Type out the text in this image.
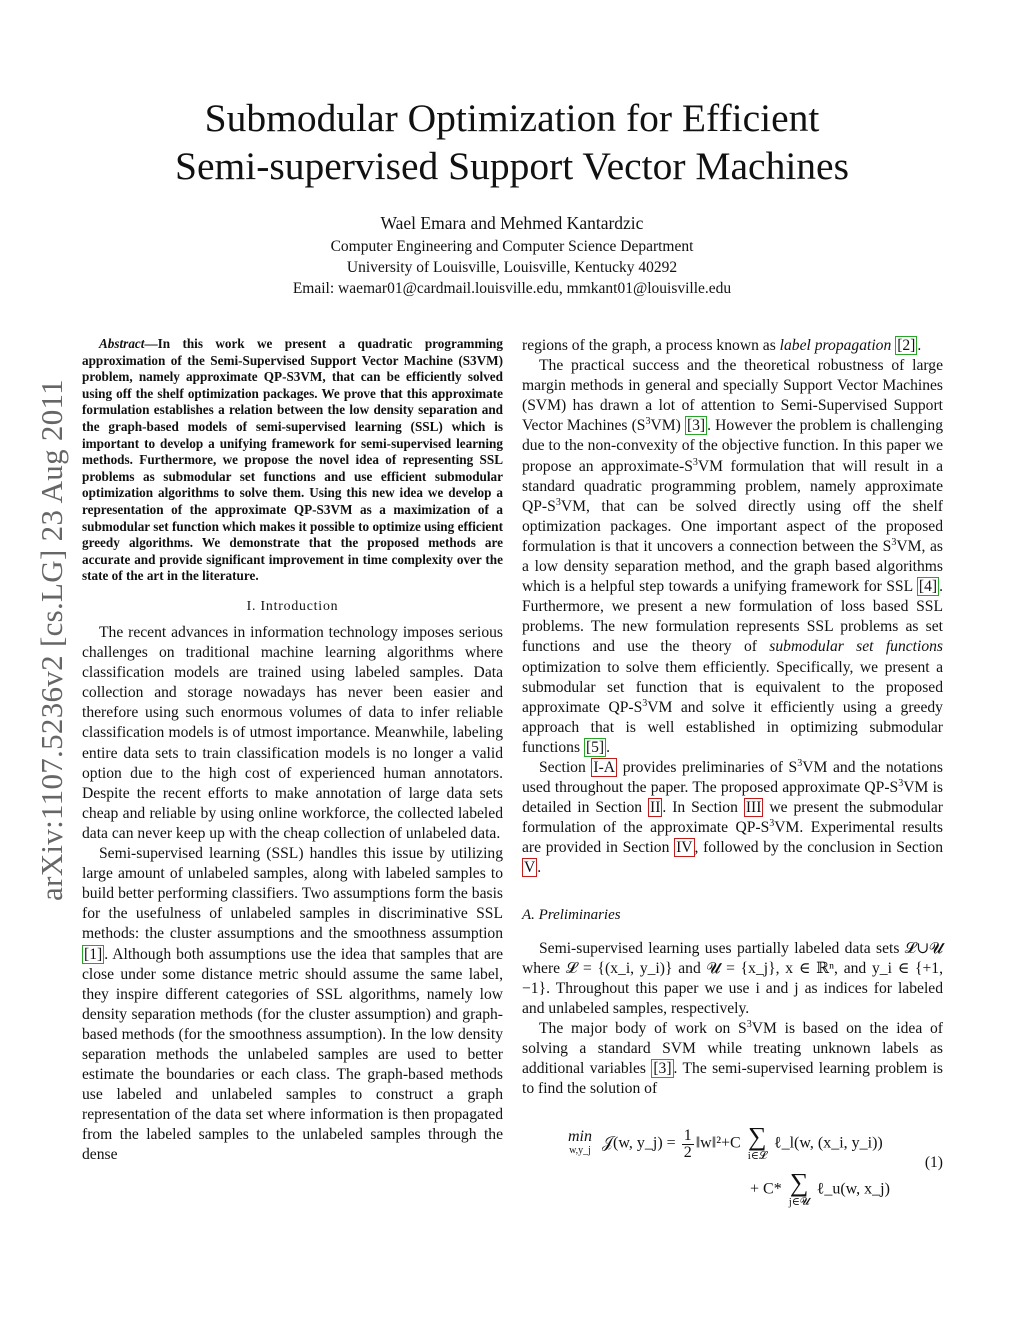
arXiv:1107.5236v2 [cs.LG] 23 Aug 2011
Submodular Optimization for Efficient
Semi-supervised Support Vector Machines
Wael Emara and Mehmed Kantardzic
Computer Engineering and Computer Science Department
University of Louisville, Louisville, Kentucky 40292
Email: waemar01@cardmail.louisville.edu, mmkant01@louisville.edu

Abstract—In this work we present a quadratic programming approximation of the Semi-Supervised Support Vector Machine (S3VM) problem, namely approximate QP-S3VM, that can be efficiently solved using off the shelf optimization packages. We prove that this approximate formulation establishes a relation between the low density separation and the graph-based models of semi-supervised learning (SSL) which is important to develop a unifying framework for semi-supervised learning methods. Furthermore, we propose the novel idea of representing SSL problems as submodular set functions and use efficient submodular optimization algorithms to solve them. Using this new idea we develop a representation of the approximate QP-S3VM as a maximization of a submodular set function which makes it possible to optimize using efficient greedy algorithms. We demonstrate that the proposed methods are accurate and provide significant improvement in time complexity over the state of the art in the literature.

I. Introduction

The recent advances in information technology imposes serious challenges on traditional machine learning algorithms where classification models are trained using labeled samples. Data collection and storage nowadays has never been easier and therefore using such enormous volumes of data to infer reliable classification models is of utmost importance. Meanwhile, labeling entire data sets to train classification models is no longer a valid option due to the high cost of experienced human annotators. Despite the recent efforts to make annotation of large data sets cheap and reliable by using online workforce, the collected labeled data can never keep up with the cheap collection of unlabeled data.

Semi-supervised learning (SSL) handles this issue by utilizing large amount of unlabeled samples, along with labeled samples to build better performing classifiers. Two assumptions form the basis for the usefulness of unlabeled samples in discriminative SSL methods: the cluster assumptions and the smoothness assumption [1] . Although both assumptions use the idea that samples that are close under some distance metric should assume the same label, they inspire different categories of SSL algorithms, namely low density separation methods (for the cluster assumption) and graph-based methods (for the smoothness assumption). In the low density separation methods the unlabeled samples are used to better estimate the boundaries or each class. The graph-based methods use labeled and unlabeled samples to construct a graph representation of the data set where information is then propagated from the labeled samples to the unlabeled samples through the dense

regions of the graph, a process known as label propagation [2] .

The practical success and the theoretical robustness of large margin methods in general and specially Support Vector Machines (SVM) has drawn a lot of attention to Semi-Supervised Support Vector Machines $(S^3VM)$ [3] . However the problem is challenging due to the non-convexity of the objective function. In this paper we propose an approximate-$S^3VM$ formulation that will result in a standard quadratic programming problem, namely approximate $QP-S^3VM$, that can be solved directly using off the shelf optimization packages. One important aspect of the proposed formulation is that it uncovers a connection between the $S^3VM$, as a low density separation method, and the graph based algorithms which is a helpful step towards a unifying framework for SSL [4] . Furthermore, we present a new formulation of loss based SSL problems. The new formulation represents SSL problems as set functions and use the theory of submodular set functions optimization to solve them efficiently. Specifically, we present a submodular set function that is equivalent to the proposed approximate $QP-S^3VM$ and solve it efficiently using a greedy approach that is well established in optimizing submodular functions [5] .

Section I-A provides preliminaries of $S^3VM$ and the notations used throughout the paper. The proposed approximate $QP-S^3VM$ is detailed in Section II . In Section III we present the submodular formulation of the approximate $QP-S^3VM$. Experimental results are provided in Section IV , followed by the conclusion in Section V .

A. Preliminaries

Semi-supervised learning uses partially labeled data sets 𝓛∪𝓤 where 𝓛 = {(x_i, y_i)} and 𝓤 = {x_j}, x ∈ ℝⁿ, and y_i ∈ {+1, −1}. Throughout this paper we use i and j as indices for labeled and unlabeled samples, respectively.

The major body of work on $S^3VM$ is based on the idea of solving a standard SVM while treating unknown labels as additional variables [3] . The semi-supervised learning problem is to find the solution of

min
w,y_j 𝒥(w, y_j) = $\frac{1}{2}$ ‖w‖²+C ∑
i∈𝓛
ℓ_l(w, (x_i, y_i))
+ C* ∑
j∈𝓤
ℓ_u(w, x_j)
(1)
